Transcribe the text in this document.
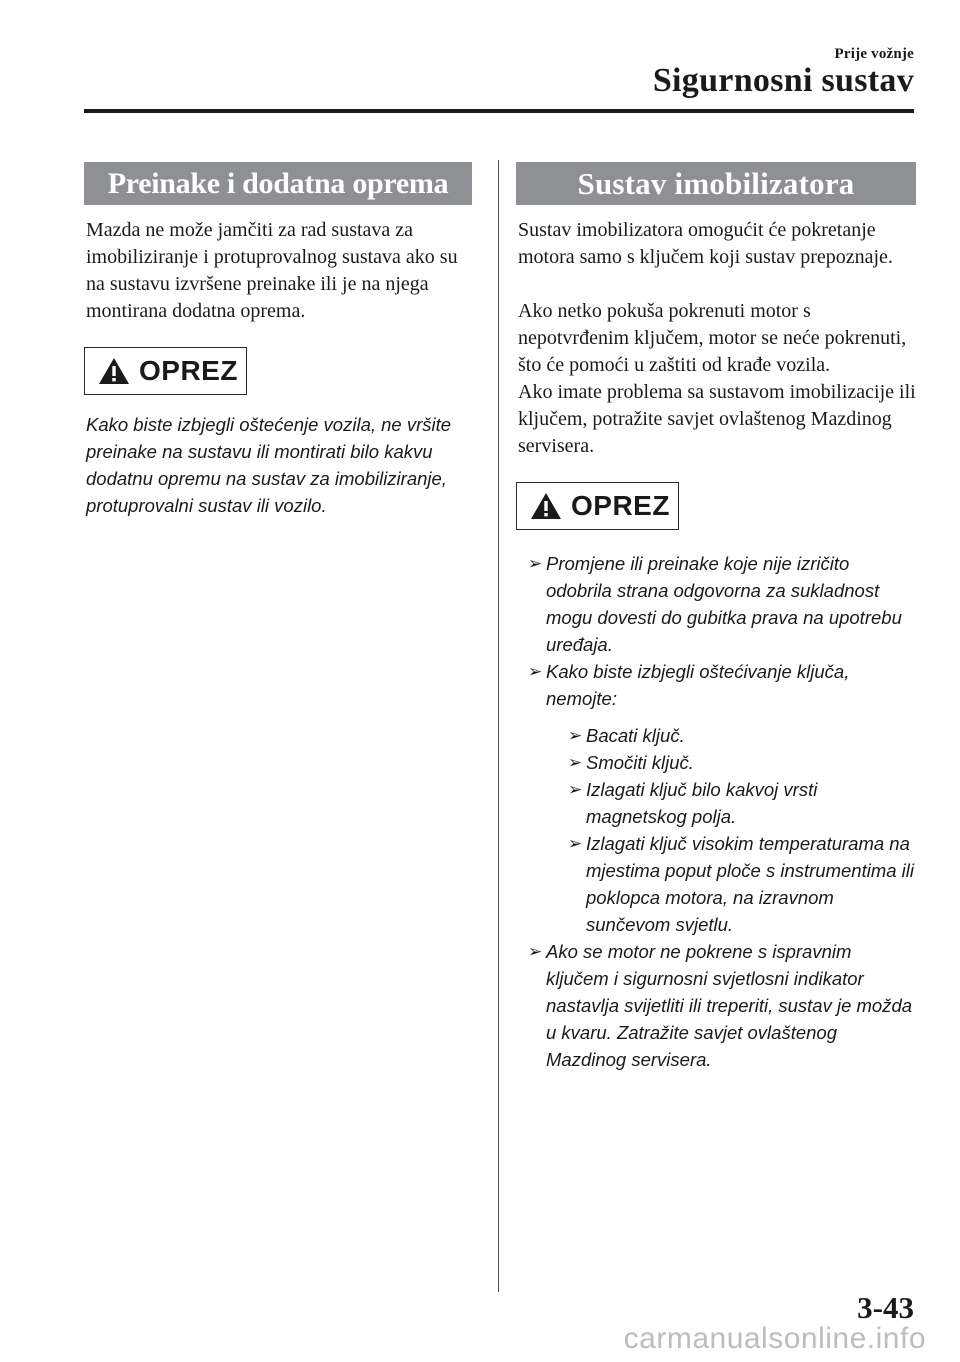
Prije vožnje
Sigurnosni sustav
Preinake i dodatna oprema

Mazda ne može jamčiti za rad sustava za imobiliziranje i protuprovalnog sustava ako su na sustavu izvršene preinake ili je na njega montirana dodatna oprema.

OPREZ
Kako biste izbjegli oštećenje vozila, ne vršite preinake na sustavu ili montirati bilo kakvu dodatnu opremu na sustav za imobiliziranje, protuprovalni sustav ili vozilo.
Sustav imobilizatora

Sustav imobilizatora omogućit će pokretanje motora samo s ključem koji sustav prepoznaje.

Ako netko pokuša pokrenuti motor s nepotvrđenim ključem, motor se neće pokrenuti, što će pomoći u zaštiti od krađe vozila.

Ako imate problema sa sustavom imobilizacije ili ključem, potražite savjet ovlaštenog Mazdinog servisera.

OPREZ
➢ Promjene ili preinake koje nije izričito odobrila strana odgovorna za sukladnost mogu dovesti do gubitka prava na upotrebu uređaja.
➢ Kako biste izbjegli oštećivanje ključa, nemojte:
➢ Bacati ključ.
➢ Smočiti ključ.
➢ Izlagati ključ bilo kakvoj vrsti magnetskog polja.
➢ Izlagati ključ visokim temperaturama na mjestima poput ploče s instrumentima ili poklopca motora, na izravnom sunčevom svjetlu.
➢ Ako se motor ne pokrene s ispravnim ključem i sigurnosni svjetlosni indikator nastavlja svijetliti ili treperiti, sustav je možda u kvaru. Zatražite savjet ovlaštenog Mazdinog servisera.
3-43
carmanualsonline.info
